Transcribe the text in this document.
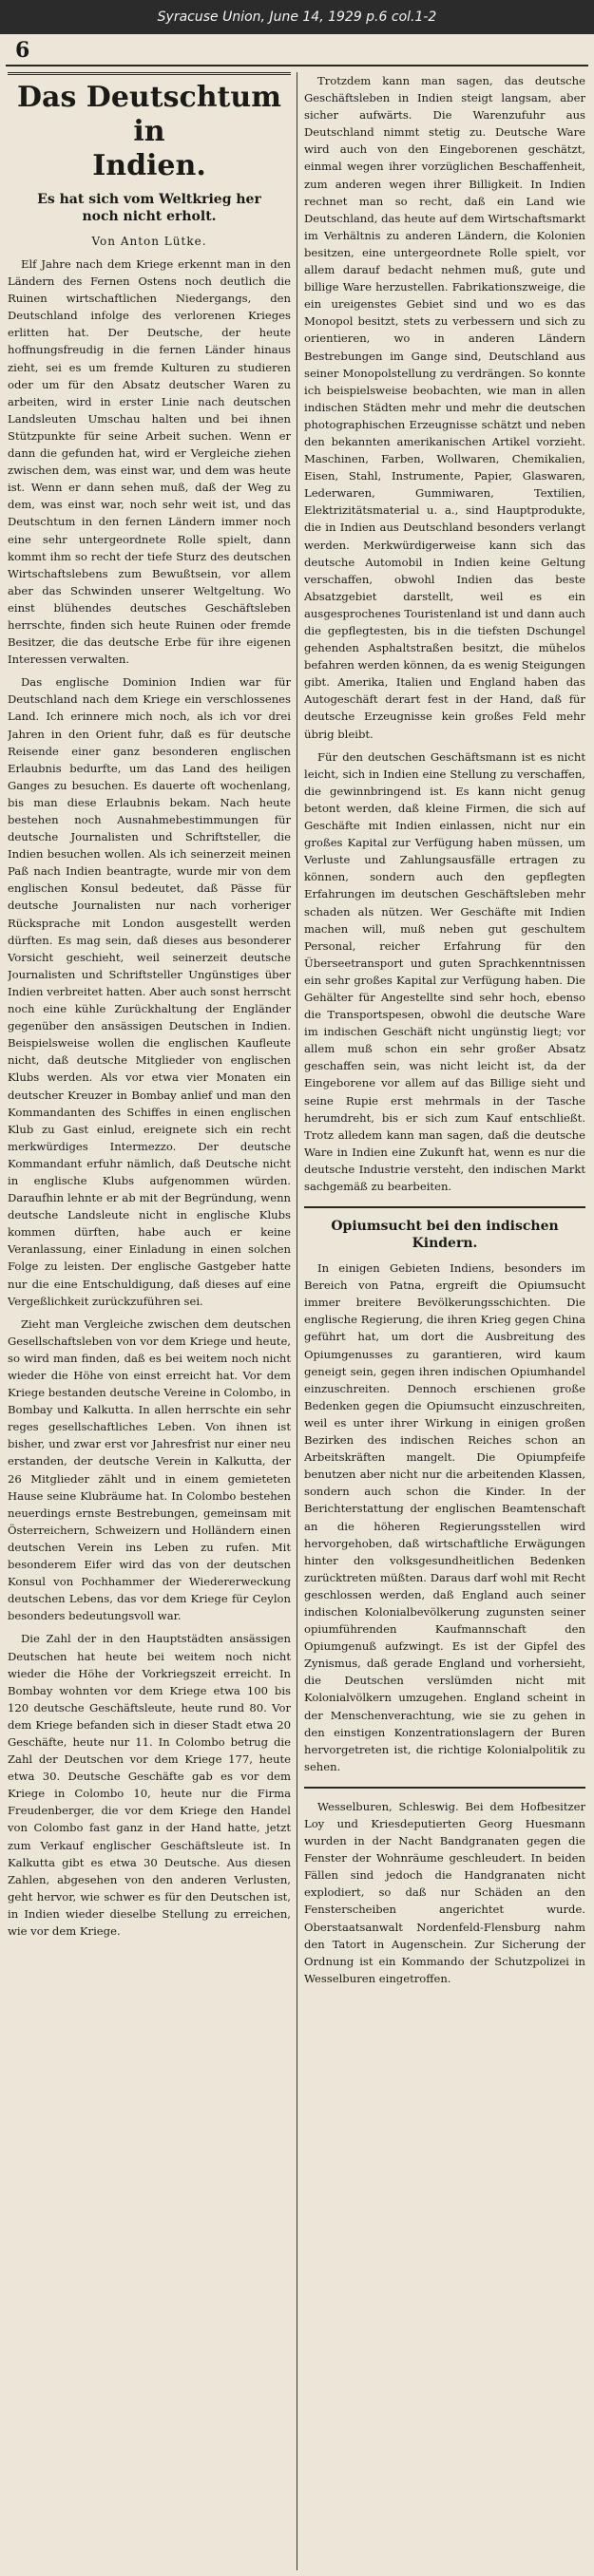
Syracuse Union, June 14, 1929 p.6 col.1-2
6
Das Deutschtum in
Indien.
Es hat sich vom Weltkrieg her noch nicht erholt.
Von Anton Lütke.

Elf Jahre nach dem Kriege erkennt man in den Ländern des Fernen Ostens noch deutlich die Ruinen wirtschaftlichen Niedergangs, den Deutschland infolge des verlorenen Krieges erlitten hat. Der Deutsche, der heute hoffnungsfreudig in die fernen Länder hinaus zieht, sei es um fremde Kulturen zu studieren oder um für den Absatz deutscher Waren zu arbeiten, wird in erster Linie nach deutschen Landsleuten Umschau halten und bei ihnen Stützpunkte für seine Arbeit suchen. Wenn er dann die gefunden hat, wird er Vergleiche ziehen zwischen dem, was einst war, und dem was heute ist. Wenn er dann sehen muß, daß der Weg zu dem, was einst war, noch sehr weit ist, und das Deutschtum in den fernen Ländern immer noch eine sehr untergeordnete Rolle spielt, dann kommt ihm so recht der tiefe Sturz des deutschen Wirtschaftslebens zum Bewußtsein, vor allem aber das Schwinden unserer Weltgeltung. Wo einst blühendes deutsches Geschäftsleben herrschte, finden sich heute Ruinen oder fremde Besitzer, die das deutsche Erbe für ihre eigenen Interessen verwalten.

Das englische Dominion Indien war für Deutschland nach dem Kriege ein verschlossenes Land. Ich erinnere mich noch, als ich vor drei Jahren in den Orient fuhr, daß es für deutsche Reisende einer ganz besonderen englischen Erlaubnis bedurfte, um das Land des heiligen Ganges zu besuchen. Es dauerte oft wochenlang, bis man diese Erlaubnis bekam. Nach heute bestehen noch Ausnahmebestimmungen für deutsche Journalisten und Schriftsteller, die Indien besuchen wollen. Als ich seinerzeit meinen Paß nach Indien beantragte, wurde mir von dem englischen Konsul bedeutet, daß Pässe für deutsche Journalisten nur nach vorheriger Rücksprache mit London ausgestellt werden dürften. Es mag sein, daß dieses aus besonderer Vorsicht geschieht, weil seinerzeit deutsche Journalisten und Schriftsteller Ungünstiges über Indien verbreitet hatten. Aber auch sonst herrscht noch eine kühle Zurückhaltung der Engländer gegenüber den ansässigen Deutschen in Indien. Beispielsweise wollen die englischen Kaufleute nicht, daß deutsche Mitglieder von englischen Klubs werden. Als vor etwa vier Monaten ein deutscher Kreuzer in Bombay anlief und man den Kommandanten des Schiffes in einen englischen Klub zu Gast einlud, ereignete sich ein recht merkwürdiges Intermezzo. Der deutsche Kommandant erfuhr nämlich, daß Deutsche nicht in englische Klubs aufgenommen würden. Daraufhin lehnte er ab mit der Begründung, wenn deutsche Landsleute nicht in englische Klubs kommen dürften, habe auch er keine Veranlassung, einer Einladung in einen solchen Folge zu leisten. Der englische Gastgeber hatte nur die eine Entschuldigung, daß dieses auf eine Vergeßlichkeit zurückzuführen sei.

Zieht man Vergleiche zwischen dem deutschen Gesellschaftsleben von vor dem Kriege und heute, so wird man finden, daß es bei weitem noch nicht wieder die Höhe von einst erreicht hat. Vor dem Kriege bestanden deutsche Vereine in Colombo, in Bombay und Kalkutta. In allen herrschte ein sehr reges gesellschaftliches Leben. Von ihnen ist bisher, und zwar erst vor Jahresfrist nur einer neu erstanden, der deutsche Verein in Kalkutta, der 26 Mitglieder zählt und in einem gemieteten Hause seine Klubräume hat. In Colombo bestehen neuerdings ernste Bestrebungen, gemeinsam mit Österreichern, Schweizern und Holländern einen deutschen Verein ins Leben zu rufen. Mit besonderem Eifer wird das von der deutschen Konsul von Pochhammer der Wiedererweckung deutschen Lebens, das vor dem Kriege für Ceylon besonders bedeutungsvoll war.

Die Zahl der in den Hauptstädten ansässigen Deutschen hat heute bei weitem noch nicht wieder die Höhe der Vorkriegszeit erreicht. In Bombay wohnten vor dem Kriege etwa 100 bis 120 deutsche Geschäftsleute, heute rund 80. Vor dem Kriege befanden sich in dieser Stadt etwa 20 Geschäfte, heute nur 11. In Colombo betrug die Zahl der Deutschen vor dem Kriege 177, heute etwa 30. Deutsche Geschäfte gab es vor dem Kriege in Colombo 10, heute nur die Firma Freudenberger, die vor dem Kriege den Handel von Colombo fast ganz in der Hand hatte, jetzt zum Verkauf englischer Geschäftsleute ist. In Kalkutta gibt es etwa 30 Deutsche. Aus diesen Zahlen, abgesehen von den anderen Verlusten, geht hervor, wie schwer es für den Deutschen ist, in Indien wieder dieselbe Stellung zu erreichen, wie vor dem Kriege.

Trotzdem kann man sagen, das deutsche Geschäftsleben in Indien steigt langsam, aber sicher aufwärts. Die Warenzufuhr aus Deutschland nimmt stetig zu. Deutsche Ware wird auch von den Eingeborenen geschätzt, einmal wegen ihrer vorzüglichen Beschaffenheit, zum anderen wegen ihrer Billigkeit. In Indien rechnet man so recht, daß ein Land wie Deutschland, das heute auf dem Wirtschaftsmarkt im Verhältnis zu anderen Ländern, die Kolonien besitzen, eine untergeordnete Rolle spielt, vor allem darauf bedacht nehmen muß, gute und billige Ware herzustellen. Fabrikationszweige, die ein ureigenstes Gebiet sind und wo es das Monopol besitzt, stets zu verbessern und sich zu orientieren, wo in anderen Ländern Bestrebungen im Gange sind, Deutschland aus seiner Monopolstellung zu verdrängen. So konnte ich beispielsweise beobachten, wie man in allen indischen Städten mehr und mehr die deutschen photographischen Erzeugnisse schätzt und neben den bekannten amerikanischen Artikel vorzieht. Maschinen, Farben, Wollwaren, Chemikalien, Eisen, Stahl, Instrumente, Papier, Glaswaren, Lederwaren, Gummiwaren, Textilien, Elektrizitätsmaterial u. a., sind Hauptprodukte, die in Indien aus Deutschland besonders verlangt werden. Merkwürdigerweise kann sich das deutsche Automobil in Indien keine Geltung verschaffen, obwohl Indien das beste Absatzgebiet darstellt, weil es ein ausgesprochenes Touristenland ist und dann auch die gepflegtesten, bis in die tiefsten Dschungel gehenden Asphaltstraßen besitzt, die mühelos befahren werden können, da es wenig Steigungen gibt. Amerika, Italien und England haben das Autogeschäft derart fest in der Hand, daß für deutsche Erzeugnisse kein großes Feld mehr übrig bleibt.

Für den deutschen Geschäftsmann ist es nicht leicht, sich in Indien eine Stellung zu verschaffen, die gewinnbringend ist. Es kann nicht genug betont werden, daß kleine Firmen, die sich auf Geschäfte mit Indien einlassen, nicht nur ein großes Kapital zur Verfügung haben müssen, um Verluste und Zahlungsausfälle ertragen zu können, sondern auch den gepflegten Erfahrungen im deutschen Geschäftsleben mehr schaden als nützen. Wer Geschäfte mit Indien machen will, muß neben gut geschultem Personal, reicher Erfahrung für den Überseetransport und guten Sprachkenntnissen ein sehr großes Kapital zur Verfügung haben. Die Gehälter für Angestellte sind sehr hoch, ebenso die Transportspesen, obwohl die deutsche Ware im indischen Geschäft nicht ungünstig liegt; vor allem muß schon ein sehr großer Absatz geschaffen sein, was nicht leicht ist, da der Eingeborene vor allem auf das Billige sieht und seine Rupie erst mehrmals in der Tasche herumdreht, bis er sich zum Kauf entschließt. Trotz alledem kann man sagen, daß die deutsche Ware in Indien eine Zukunft hat, wenn es nur die deutsche Industrie versteht, den indischen Markt sachgemäß zu bearbeiten.

Opiumsucht bei den indischen Kindern.

In einigen Gebieten Indiens, besonders im Bereich von Patna, ergreift die Opiumsucht immer breitere Bevölkerungsschichten. Die englische Regierung, die ihren Krieg gegen China geführt hat, um dort die Ausbreitung des Opiumgenusses zu garantieren, wird kaum geneigt sein, gegen ihren indischen Opiumhandel einzuschreiten. Dennoch erschienen große Bedenken gegen die Opiumsucht einzuschreiten, weil es unter ihrer Wirkung in einigen großen Bezirken des indischen Reiches schon an Arbeitskräften mangelt. Die Opiumpfeife benutzen aber nicht nur die arbeitenden Klassen, sondern auch schon die Kinder. In der Berichterstattung der englischen Beamtenschaft an die höheren Regierungsstellen wird hervorgehoben, daß wirtschaftliche Erwägungen hinter den volksgesundheitlichen Bedenken zurücktreten müßten. Daraus darf wohl mit Recht geschlossen werden, daß England auch seiner indischen Kolonialbevölkerung zugunsten seiner opiumführenden Kaufmannschaft den Opiumgenuß aufzwingt. Es ist der Gipfel des Zynismus, daß gerade England und vorhersieht, die Deutschen verslümden nicht mit Kolonialvölkern umzugehen. England scheint in der Menschenverachtung, wie sie zu gehen in den einstigen Konzentrationslagern der Buren hervorgetreten ist, die richtige Kolonialpolitik zu sehen.

Wesselburen, Schleswig. Bei dem Hofbesitzer Loy und Kriesdeputierten Georg Huesmann wurden in der Nacht Bandgranaten gegen die Fenster der Wohnräume geschleudert. In beiden Fällen sind jedoch die Handgranaten nicht explodiert, so daß nur Schäden an den Fensterscheiben angerichtet wurde. Oberstaatsanwalt Nordenfeld-Flensburg nahm den Tatort in Augenschein. Zur Sicherung der Ordnung ist ein Kommando der Schutzpolizei in Wesselburen eingetroffen.
